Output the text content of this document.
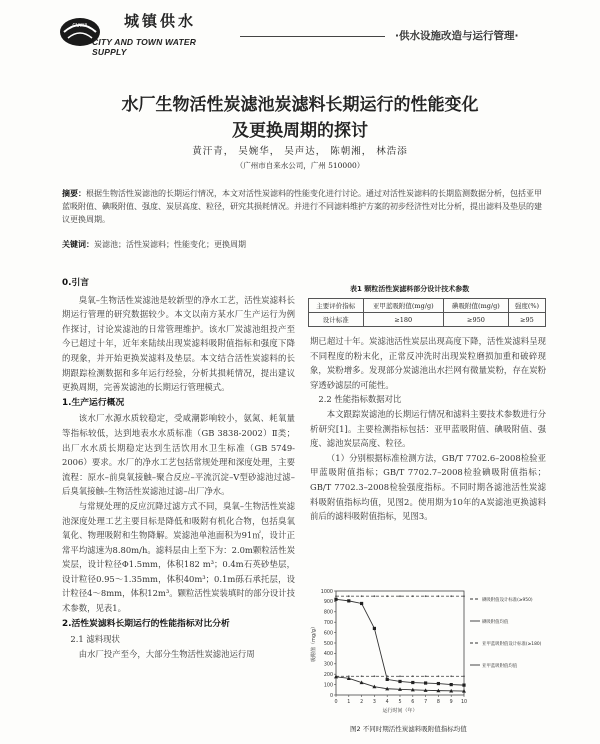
CUWA 城镇供水
CITY AND TOWN WATER SUPPLY
·供水设施改造与运行管理·
水厂生物活性炭滤池炭滤料长期运行的性能变化
及更换周期的探讨
黄汗青， 吴婉华， 吴声达， 陈朝湘， 林浩添
（广州市自来水公司，广州 510000）
摘要：根据生物活性炭滤池的长期运行情况，本文对活性炭滤料的性能变化进行讨论。通过对活性炭滤料的长期监测数据分析，包括亚甲蓝吸附值、碘吸附值、强度、炭层高度、粒径，研究其损耗情况。并进行不同滤料维护方案的初步经济性对比分析，提出滤料及垫层的建议更换周期。
关键词：炭滤池；活性炭滤料；性能变化；更换周期
0.引言

臭氧–生物活性炭滤池是较新型的净水工艺，活性炭滤料长期运行管理的研究数据较少。本文以南方某水厂生产运行为例作探讨，讨论炭滤池的日常管理维护。该水厂炭滤池组投产至今已超过十年，近年来陆续出现炭滤料吸附值指标和强度下降的现象，并开始更换炭滤料及垫层。本文结合活性炭滤料的长期跟踪检测数据和多年运行经验，分析其损耗情况，提出建议更换周期，完善炭滤池的长期运行管理模式。

1.生产运行概况

该水厂水源水质较稳定，受咸潮影响较小，氨氮、耗氧量等指标较低，达到地表水水质标准（GB 3838-2002）Ⅱ类；出厂水水质长期稳定达到生活饮用水卫生标准（GB 5749-2006）要求。水厂的净水工艺包括常规处理和深度处理，主要流程：原水–前臭氧接触–聚合反应–平流沉淀–V型砂滤池过滤–后臭氧接触–生物活性炭滤池过滤–出厂净水。

与常规处理的反应沉降过滤方式不同，臭氧–生物活性炭滤池深度处理工艺主要目标是降低和吸附有机化合物，包括臭氧氧化、物理吸附和生物降解。炭滤池单池面积为91㎡，设计正常平均滤速为8.80m/h。滤料层由上至下为：2.0m颗粒活性炭炭层，设计粒径Φ1.5mm，体积182 m³；0.4m石英砂垫层，设计粒径0.95～1.35mm，体积40m³；0.1m砾石承托层，设计粒径4～8mm，体积12m³。颗粒活性炭装填时的部分设计技术参数，见表1。

2.活性炭滤料长期运行的性能指标对比分析
2.1 滤料现状

由水厂投产至今，大部分生物活性炭滤池运行周

表1 颗粒活性炭滤料部分设计技术参数
主要评价指标	亚甲蓝吸附值(mg/g)	碘吸附值(mg/g)	强度(%)
设计标准	≥180	≥950	≥95

期已超过十年。炭滤池活性炭层出现高度下降，活性炭滤料呈现不同程度的粉末化，正常反冲洗时出现炭粒磨损加重和破碎现象，炭粉增多。发现部分炭滤池出水拦网有微量炭粉，存在炭粉穿透砂滤层的可能性。

2.2 性能指标数据对比

本文跟踪炭滤池的长期运行情况和滤料主要技术参数进行分析研究[1]。主要检测指标包括：亚甲蓝吸附值、碘吸附值、强度、滤池炭层高度、粒径。

（1）分别根据标准检测方法，GB/T 7702.6–2008检验亚甲蓝吸附值指标；GB/T 7702.7–2008检验碘吸附值指标；GB/T 7702.3–2008检验强度指标。不同时期各滤池活性炭滤料吸附值指标均值，见图2。使用期为10年的A炭滤池更换滤料前后的滤料吸附值指标，见图3。

0
100
200
300
400
500
600
700
800
900
1000
0 1 2 3 4 5 6 7 8 9 10
运行时间（年）
吸附值（mg/g）
碘吸附值设计标准(≥950)
碘吸附值均值
亚甲蓝吸附值设计标准(≥180)
亚甲蓝吸附值均值
图2 不同时期活性炭滤料吸附值指标均值
